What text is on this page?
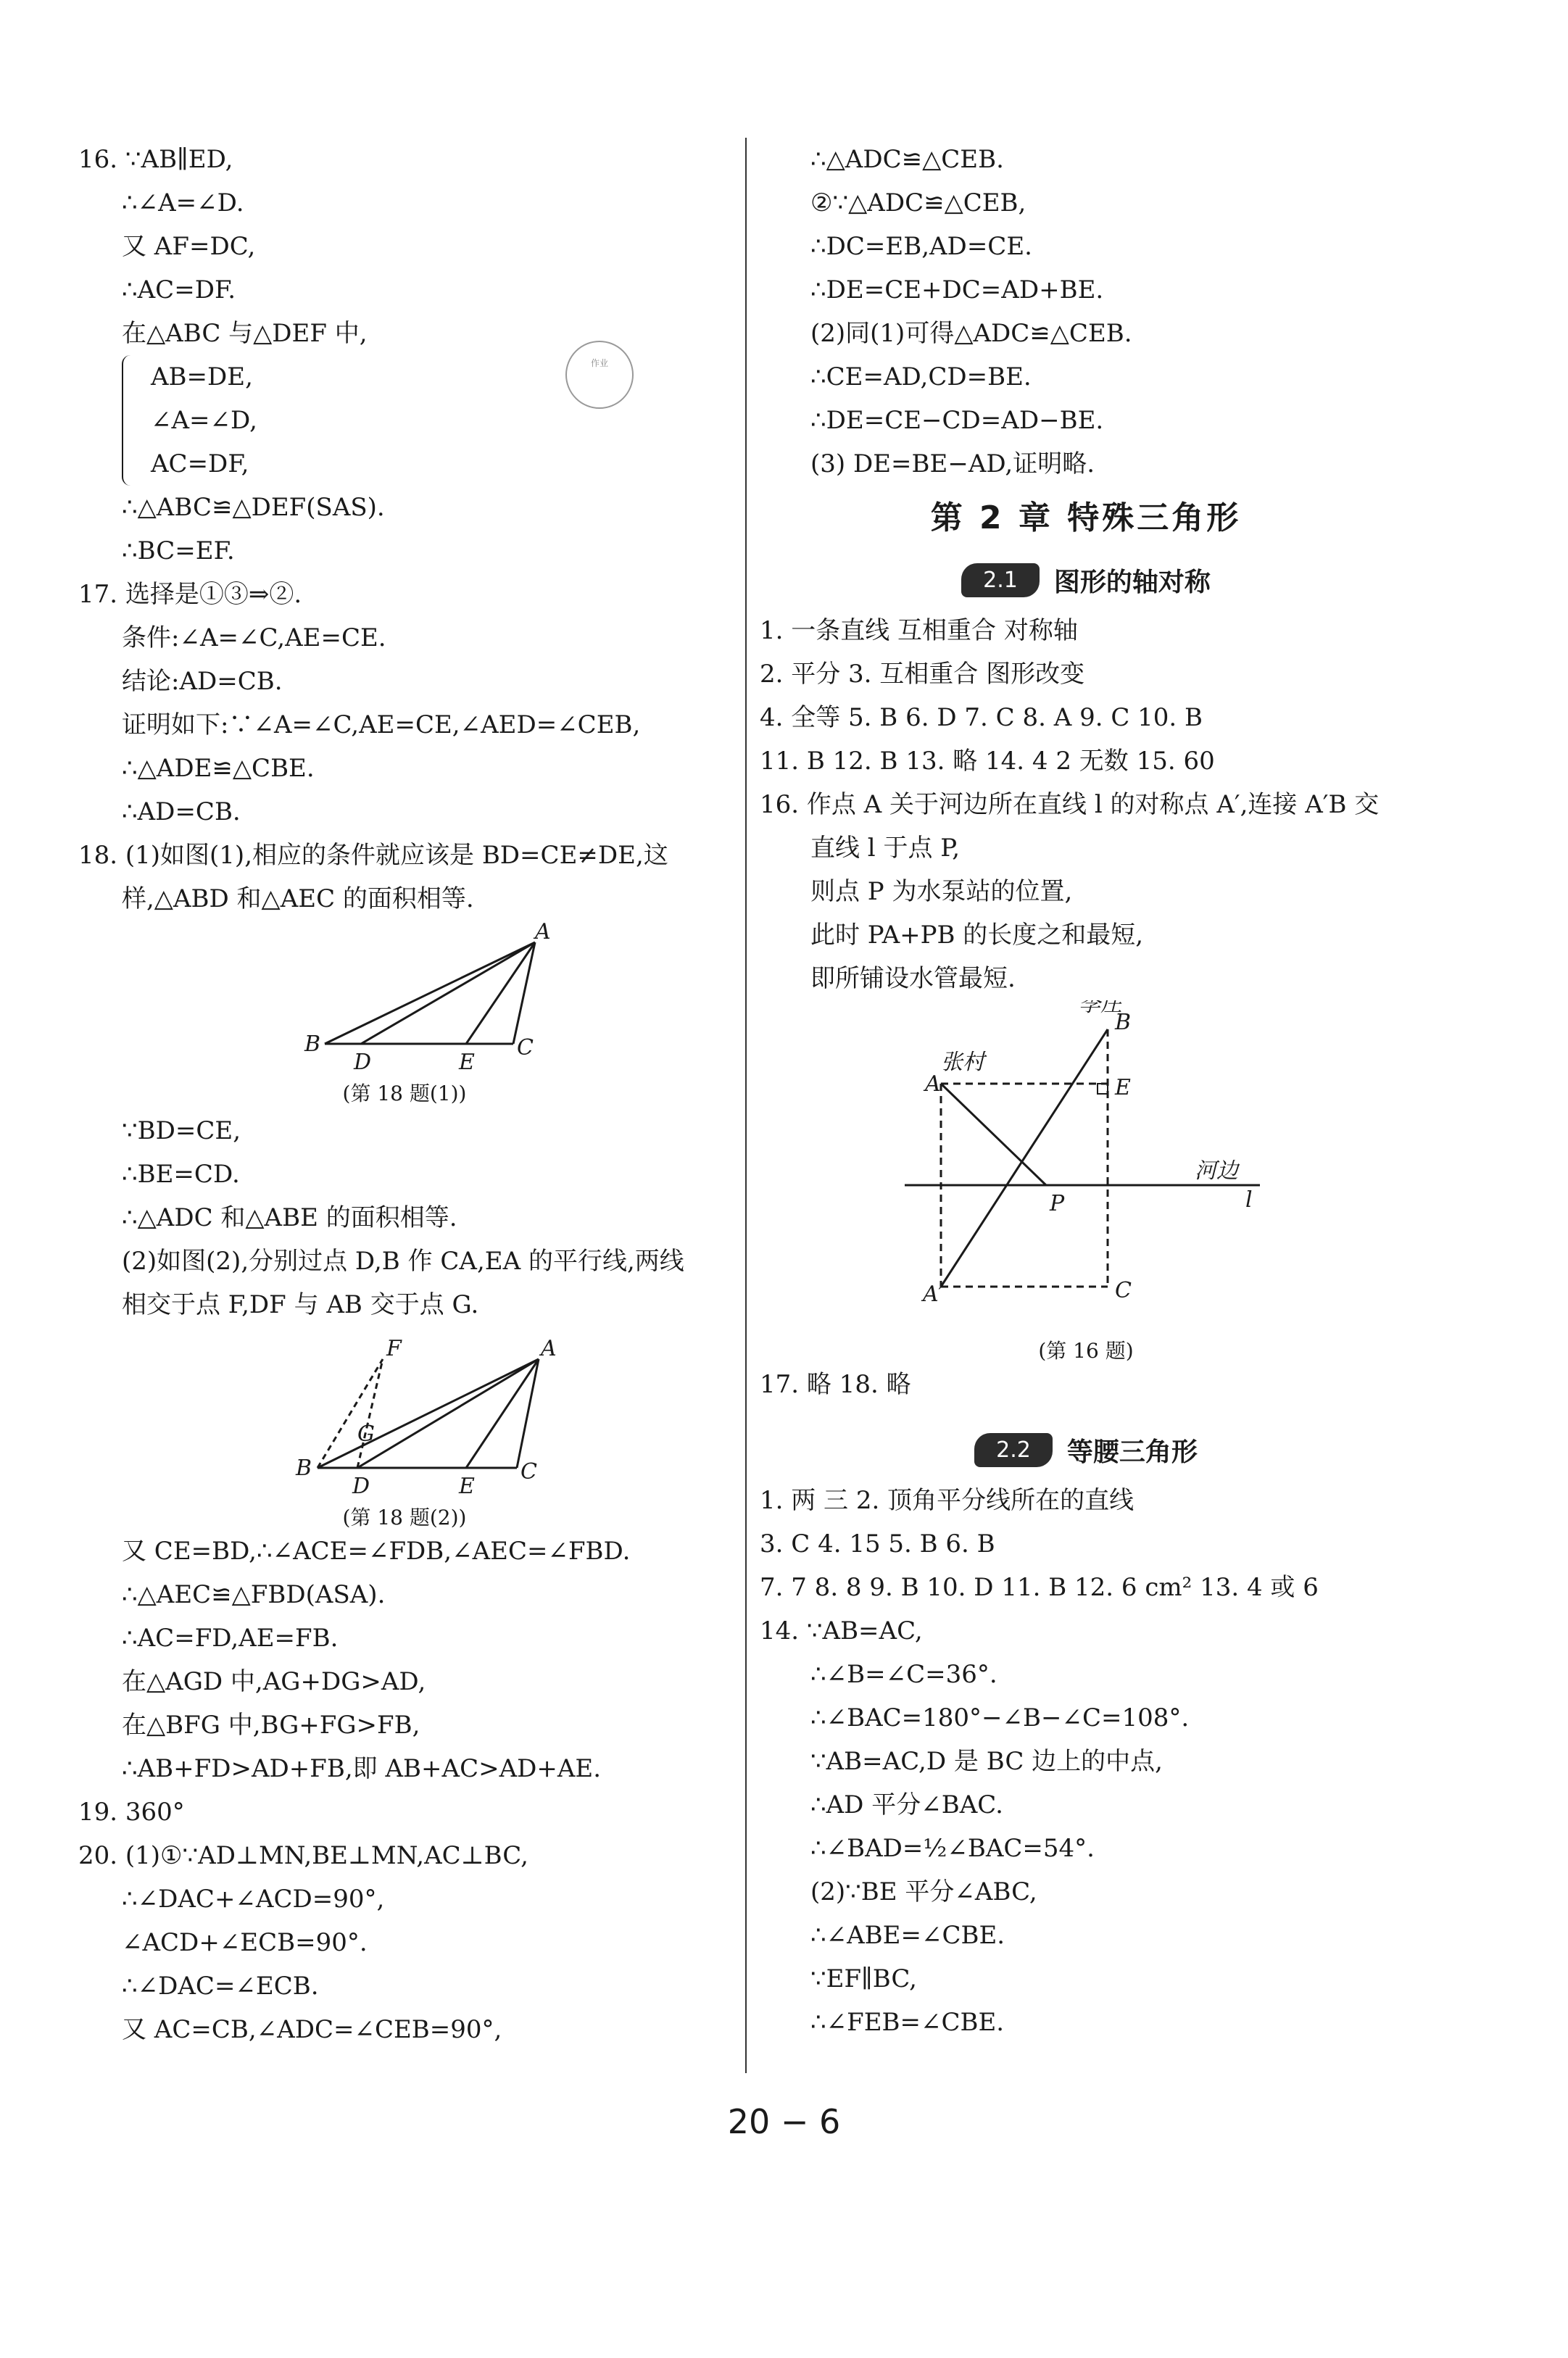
作业
16. ∵AB∥ED,
∴∠A=∠D.
又 AF=DC,
∴AC=DF.
在△ABC 与△DEF 中,
AB=DE,
∠A=∠D,
AC=DF,
∴△ABC≌△DEF(SAS).
∴BC=EF.
17. 选择是①③⇒②.
条件:∠A=∠C,AE=CE.
结论:AD=CB.
证明如下:∵∠A=∠C,AE=CE,∠AED=∠CEB,
∴△ADE≌△CBE.
∴AD=CB.
18. (1)如图(1),相应的条件就应该是 BD=CE≠DE,这
样,△ABD 和△AEC 的面积相等.
B
D	E
C
A
(第 18 题(1))
∵BD=CE,
∴BE=CD.
∴△ADC 和△ABE 的面积相等.
(2)如图(2),分别过点 D,B 作 CA,EA 的平行线,两线
相交于点 F,DF 与 AB 交于点 G.
B
D	E
C
A
F
G
(第 18 题(2))
又 CE=BD,∴∠ACE=∠FDB,∠AEC=∠FBD.
∴△AEC≌△FBD(ASA).
∴AC=FD,AE=FB.
在△AGD 中,AG+DG>AD,
在△BFG 中,BG+FG>FB,
∴AB+FD>AD+FB,即 AB+AC>AD+AE.
19. 360°
20. (1)①∵AD⊥MN,BE⊥MN,AC⊥BC,
∴∠DAC+∠ACD=90°,
∠ACD+∠ECB=90°.
∴∠DAC=∠ECB.
又 AC=CB,∠ADC=∠CEB=90°,
∴△ADC≌△CEB.
②∵△ADC≌△CEB,
∴DC=EB,AD=CE.
∴DE=CE+DC=AD+BE.
(2)同(1)可得△ADC≌△CEB.
∴CE=AD,CD=BE.
∴DE=CE−CD=AD−BE.
(3) DE=BE−AD,证明略.
第 2 章 特殊三角形
2.1	图形的轴对称
1. 一条直线 互相重合 对称轴
2. 平分 3. 互相重合 图形改变
4. 全等 5. B 6. D 7. C 8. A 9. C 10. B
11. B 12. B 13. 略 14. 4 2 无数 15. 60
16. 作点 A 关于河边所在直线 l 的对称点 A′,连接 A′B 交
直线 l 于点 P,
则点 P 为水泵站的位置,
此时 PA+PB 的长度之和最短,
即所铺设水管最短.
B
A	E
P
A′	C
l
李庄
张村
河边
(第 16 题)
17. 略 18. 略
2.2	等腰三角形
1. 两 三 2. 顶角平分线所在的直线
3. C 4. 15 5. B 6. B
7. 7 8. 8 9. B 10. D 11. B 12. 6 cm² 13. 4 或 6
14. ∵AB=AC,
∴∠B=∠C=36°.
∴∠BAC=180°−∠B−∠C=108°.
∵AB=AC,D 是 BC 边上的中点,
∴AD 平分∠BAC.
∴∠BAD=½∠BAC=54°.
(2)∵BE 平分∠ABC,
∴∠ABE=∠CBE.
∵EF∥BC,
∴∠FEB=∠CBE.
20 − 6
